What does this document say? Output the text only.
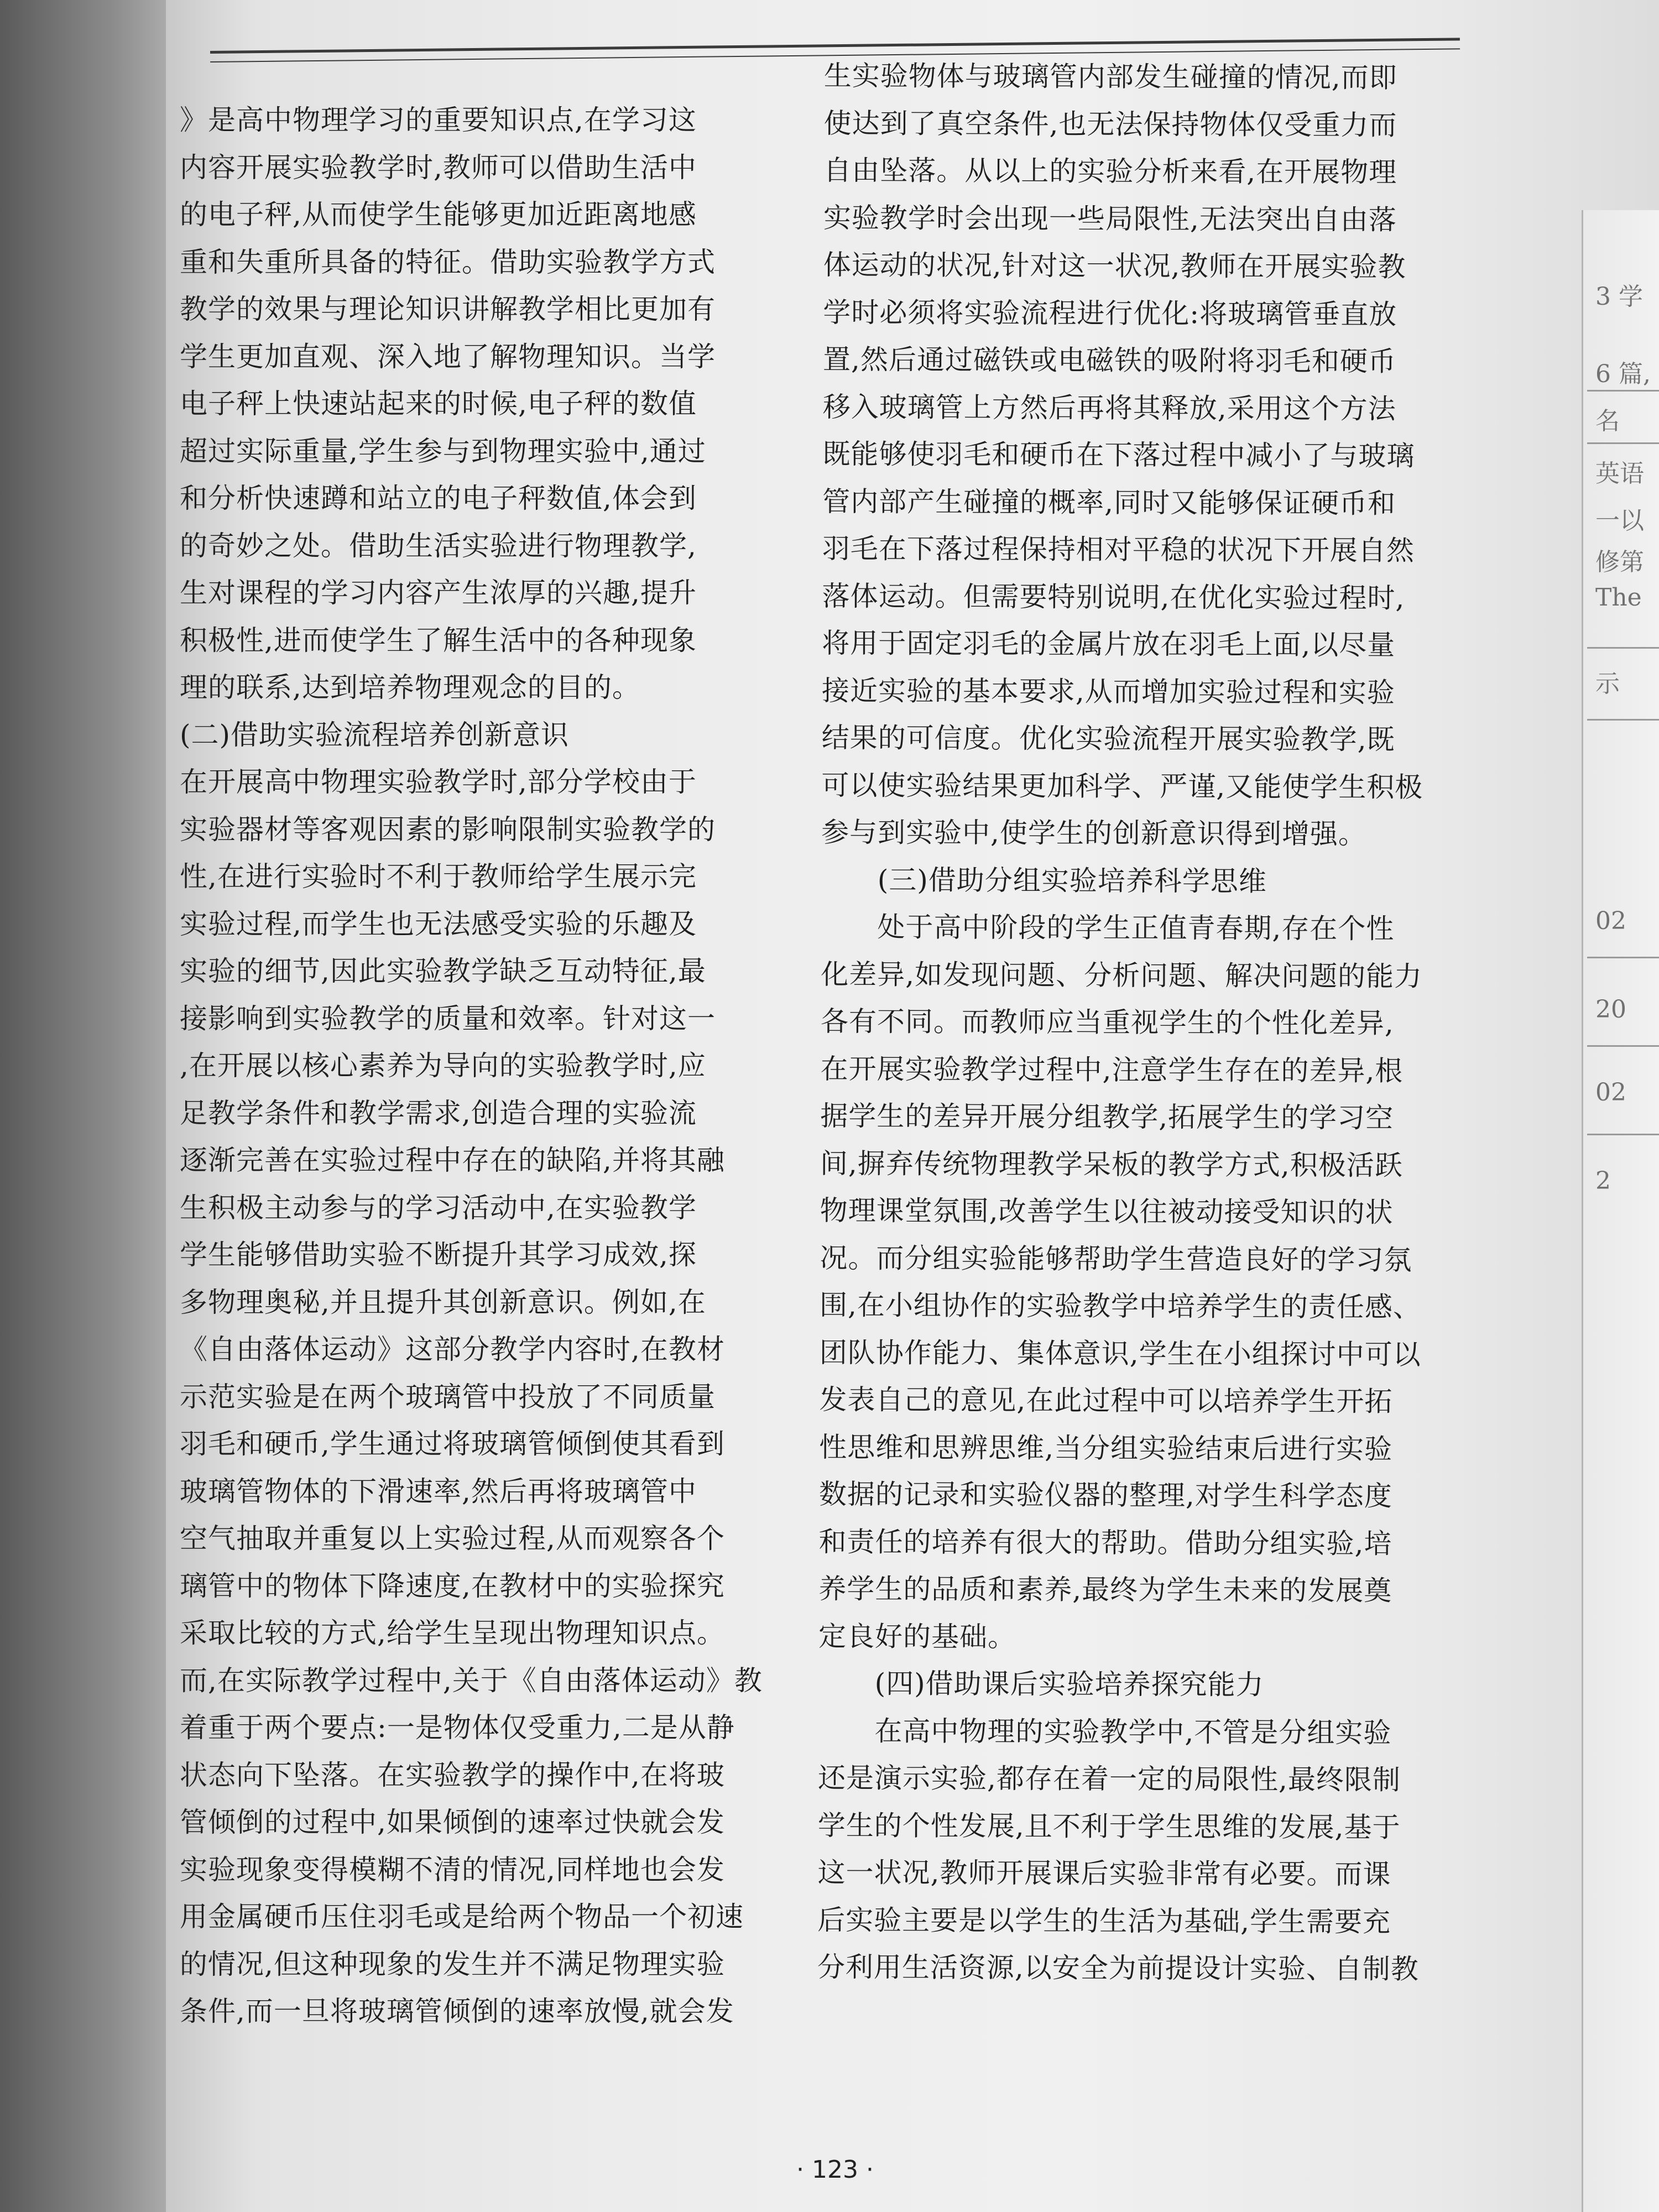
3 学
6 篇,
名
英语
一以
修第
The
示
02
20
02
2
》是高中物理学习的重要知识点,在学习这
内容开展实验教学时,教师可以借助生活中
的电子秤,从而使学生能够更加近距离地感
重和失重所具备的特征。借助实验教学方式
教学的效果与理论知识讲解教学相比更加有
学生更加直观、深入地了解物理知识。当学
电子秤上快速站起来的时候,电子秤的数值
超过实际重量,学生参与到物理实验中,通过
和分析快速蹲和站立的电子秤数值,体会到
的奇妙之处。借助生活实验进行物理教学,
生对课程的学习内容产生浓厚的兴趣,提升
积极性,进而使学生了解生活中的各种现象
理的联系,达到培养物理观念的目的。
(二)借助实验流程培养创新意识
在开展高中物理实验教学时,部分学校由于
实验器材等客观因素的影响限制实验教学的
性,在进行实验时不利于教师给学生展示完
实验过程,而学生也无法感受实验的乐趣及
实验的细节,因此实验教学缺乏互动特征,最
接影响到实验教学的质量和效率。针对这一
,在开展以核心素养为导向的实验教学时,应
足教学条件和教学需求,创造合理的实验流
逐渐完善在实验过程中存在的缺陷,并将其融
生积极主动参与的学习活动中,在实验教学
学生能够借助实验不断提升其学习成效,探
多物理奥秘,并且提升其创新意识。例如,在
《自由落体运动》这部分教学内容时,在教材
示范实验是在两个玻璃管中投放了不同质量
羽毛和硬币,学生通过将玻璃管倾倒使其看到
玻璃管物体的下滑速率,然后再将玻璃管中
空气抽取并重复以上实验过程,从而观察各个
璃管中的物体下降速度,在教材中的实验探究
采取比较的方式,给学生呈现出物理知识点。
而,在实际教学过程中,关于《自由落体运动》教
着重于两个要点:一是物体仅受重力,二是从静
状态向下坠落。在实验教学的操作中,在将玻
管倾倒的过程中,如果倾倒的速率过快就会发
实验现象变得模糊不清的情况,同样地也会发
用金属硬币压住羽毛或是给两个物品一个初速
的情况,但这种现象的发生并不满足物理实验
条件,而一旦将玻璃管倾倒的速率放慢,就会发
生实验物体与玻璃管内部发生碰撞的情况,而即
使达到了真空条件,也无法保持物体仅受重力而
自由坠落。从以上的实验分析来看,在开展物理
实验教学时会出现一些局限性,无法突出自由落
体运动的状况,针对这一状况,教师在开展实验教
学时必须将实验流程进行优化:将玻璃管垂直放
置,然后通过磁铁或电磁铁的吸附将羽毛和硬币
移入玻璃管上方然后再将其释放,采用这个方法
既能够使羽毛和硬币在下落过程中减小了与玻璃
管内部产生碰撞的概率,同时又能够保证硬币和
羽毛在下落过程保持相对平稳的状况下开展自然
落体运动。但需要特别说明,在优化实验过程时,
将用于固定羽毛的金属片放在羽毛上面,以尽量
接近实验的基本要求,从而增加实验过程和实验
结果的可信度。优化实验流程开展实验教学,既
可以使实验结果更加科学、严谨,又能使学生积极
参与到实验中,使学生的创新意识得到增强。
　　(三)借助分组实验培养科学思维
　　处于高中阶段的学生正值青春期,存在个性
化差异,如发现问题、分析问题、解决问题的能力
各有不同。而教师应当重视学生的个性化差异,
在开展实验教学过程中,注意学生存在的差异,根
据学生的差异开展分组教学,拓展学生的学习空
间,摒弃传统物理教学呆板的教学方式,积极活跃
物理课堂氛围,改善学生以往被动接受知识的状
况。而分组实验能够帮助学生营造良好的学习氛
围,在小组协作的实验教学中培养学生的责任感、
团队协作能力、集体意识,学生在小组探讨中可以
发表自己的意见,在此过程中可以培养学生开拓
性思维和思辨思维,当分组实验结束后进行实验
数据的记录和实验仪器的整理,对学生科学态度
和责任的培养有很大的帮助。借助分组实验,培
养学生的品质和素养,最终为学生未来的发展奠
定良好的基础。
　　(四)借助课后实验培养探究能力
　　在高中物理的实验教学中,不管是分组实验
还是演示实验,都存在着一定的局限性,最终限制
学生的个性发展,且不利于学生思维的发展,基于
这一状况,教师开展课后实验非常有必要。而课
后实验主要是以学生的生活为基础,学生需要充
分利用生活资源,以安全为前提设计实验、自制教
· 123 ·
